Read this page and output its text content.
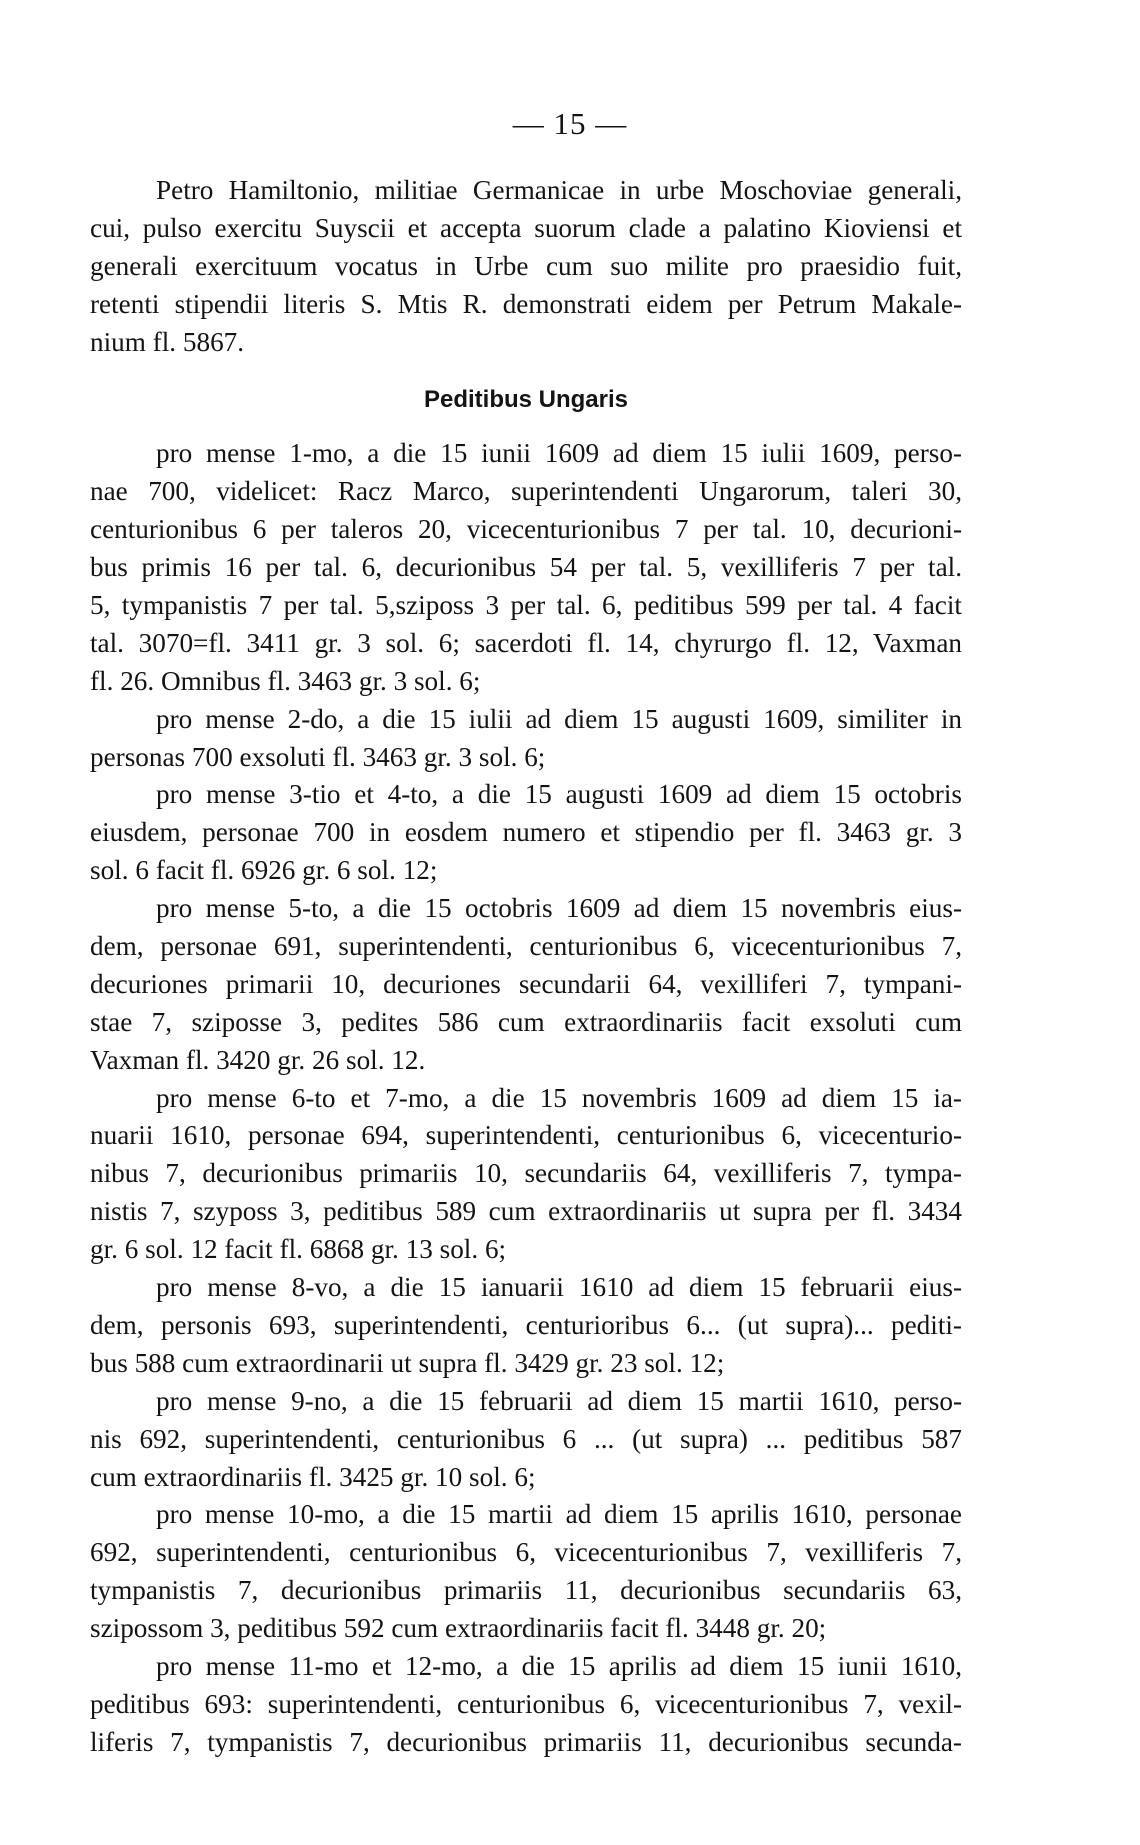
— 15 —
Petro Hamiltonio, militiae Germanicae in urbe Moschoviae generali,
cui, pulso exercitu Suyscii et accepta suorum clade a palatino Kioviensi et
generali exercituum vocatus in Urbe cum suo milite pro praesidio fuit,
retenti stipendii literis S. Mtis R. demonstrati eidem per Petrum Makale-
nium fl. 5867.
Peditibus Ungaris
pro mense 1-mo, a die 15 iunii 1609 ad diem 15 iulii 1609, perso-
nae 700, videlicet: Racz Marco, superintendenti Ungarorum, taleri 30,
centurionibus 6 per taleros 20, vicecenturionibus 7 per tal. 10, decurioni-
bus primis 16 per tal. 6, decurionibus 54 per tal. 5, vexilliferis 7 per tal.
5, tympanistis 7 per tal. 5,sziposs 3 per tal. 6, peditibus 599 per tal. 4 facit
tal. 3070=fl. 3411 gr. 3 sol. 6; sacerdoti fl. 14, chyrurgo fl. 12, Vaxman
fl. 26. Omnibus fl. 3463 gr. 3 sol. 6;
pro mense 2-do, a die 15 iulii ad diem 15 augusti 1609, similiter in
personas 700 exsoluti fl. 3463 gr. 3 sol. 6;
pro mense 3-tio et 4-to, a die 15 augusti 1609 ad diem 15 octobris
eiusdem, personae 700 in eosdem numero et stipendio per fl. 3463 gr. 3
sol. 6 facit fl. 6926 gr. 6 sol. 12;
pro mense 5-to, a die 15 octobris 1609 ad diem 15 novembris eius-
dem, personae 691, superintendenti, centurionibus 6, vicecenturionibus 7,
decuriones primarii 10, decuriones secundarii 64, vexilliferi 7, tympani-
stae 7, sziposse 3, pedites 586 cum extraordinariis facit exsoluti cum
Vaxman fl. 3420 gr. 26 sol. 12.
pro mense 6-to et 7-mo, a die 15 novembris 1609 ad diem 15 ia-
nuarii 1610, personae 694, superintendenti, centurionibus 6, vicecenturio-
nibus 7, decurionibus primariis 10, secundariis 64, vexilliferis 7, tympa-
nistis 7, szyposs 3, peditibus 589 cum extraordinariis ut supra per fl. 3434
gr. 6 sol. 12 facit fl. 6868 gr. 13 sol. 6;
pro mense 8-vo, a die 15 ianuarii 1610 ad diem 15 februarii eius-
dem, personis 693, superintendenti, centurioribus 6... (ut supra)... pediti-
bus 588 cum extraordinarii ut supra fl. 3429 gr. 23 sol. 12;
pro mense 9-no, a die 15 februarii ad diem 15 martii 1610, perso-
nis 692, superintendenti, centurionibus 6 ... (ut supra) ... peditibus 587
cum extraordinariis fl. 3425 gr. 10 sol. 6;
pro mense 10-mo, a die 15 martii ad diem 15 aprilis 1610, personae
692, superintendenti, centurionibus 6, vicecenturionibus 7, vexilliferis 7,
tympanistis 7, decurionibus primariis 11, decurionibus secundariis 63,
szipossom 3, peditibus 592 cum extraordinariis facit fl. 3448 gr. 20;
pro mense 11-mo et 12-mo, a die 15 aprilis ad diem 15 iunii 1610,
peditibus 693: superintendenti, centurionibus 6, vicecenturionibus 7, vexil-
liferis 7, tympanistis 7, decurionibus primariis 11, decurionibus secunda-
